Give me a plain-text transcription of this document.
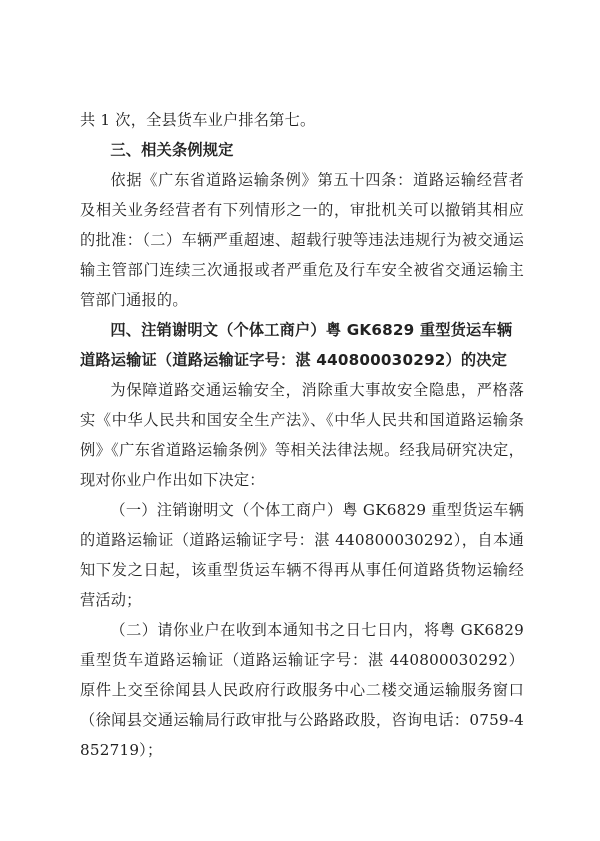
共 1 次，全县货车业户排名第七。

三、相关条例规定

依据《广东省道路运输条例》第五十四条：道路运输经营者及相关业务经营者有下列情形之一的，审批机关可以撤销其相应的批准：（二）车辆严重超速、超载行驶等违法违规行为被交通运输主管部门连续三次通报或者严重危及行车安全被省交通运输主管部门通报的。

四、注销谢明文（个体工商户）粤 GK6829 重型货运车辆道路运输证（道路运输证字号：湛 440800030292）的决定

为保障道路交通运输安全，消除重大事故安全隐患，严格落实《中华人民共和国安全生产法》、《中华人民共和国道路运输条例》《广东省道路运输条例》等相关法律法规。经我局研究决定，现对你业户作出如下决定：

（一）注销谢明文（个体工商户）粤 GK6829 重型货运车辆的道路运输证（道路运输证字号：湛 440800030292），自本通知下发之日起，该重型货运车辆不得再从事任何道路货物运输经营活动；

（二）请你业户在收到本通知书之日七日内，将粤 GK6829 重型货车道路运输证（道路运输证字号：湛 440800030292）原件上交至徐闻县人民政府行政服务中心二楼交通运输服务窗口（徐闻县交通运输局行政审批与公路路政股，咨询电话：0759-4852719）；
